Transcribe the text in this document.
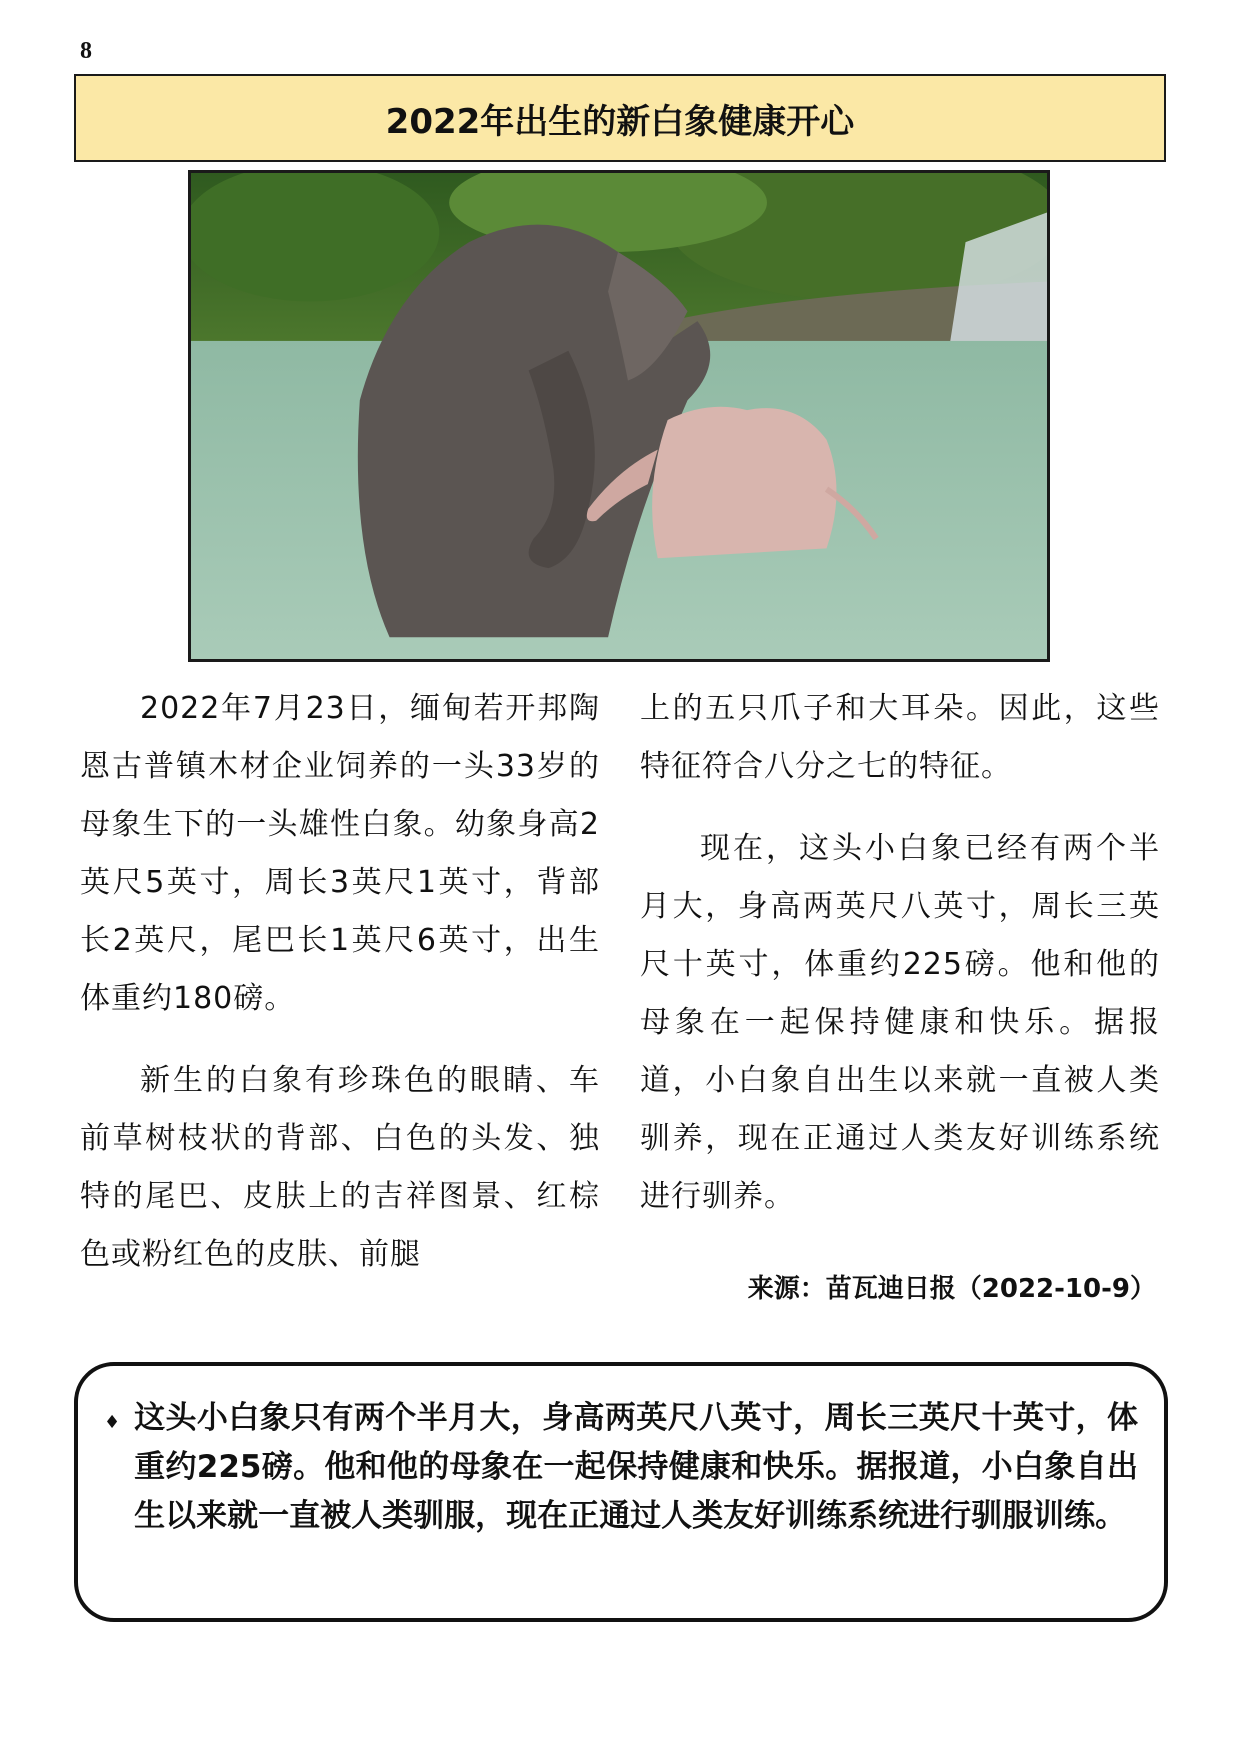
8
2022年出生的新白象健康开心

2022年7月23日，缅甸若开邦陶恩古普镇木材企业饲养的一头33岁的母象生下的一头雄性白象。幼象身高2英尺5英寸，周长3英尺1英寸，背部长2英尺，尾巴长1英尺6英寸，出生体重约180磅。

新生的白象有珍珠色的眼睛、车前草树枝状的背部、白色的头发、独特的尾巴、皮肤上的吉祥图景、红棕色或粉红色的皮肤、前腿

上的五只爪子和大耳朵。因此，这些特征符合八分之七的特征。

现在，这头小白象已经有两个半月大，身高两英尺八英寸，周长三英尺十英寸，体重约225磅。他和他的母象在一起保持健康和快乐。据报道，小白象自出生以来就一直被人类驯养，现在正通过人类友好训练系统进行驯养。

来源：苗瓦迪日报（2022-10-9）
♦ 这头小白象只有两个半月大，身高两英尺八英寸，周长三英尺十英寸，体重约225磅。他和他的母象在一起保持健康和快乐。据报道，小白象自出生以来就一直被人类驯服，现在正通过人类友好训练系统进行驯服训练。
